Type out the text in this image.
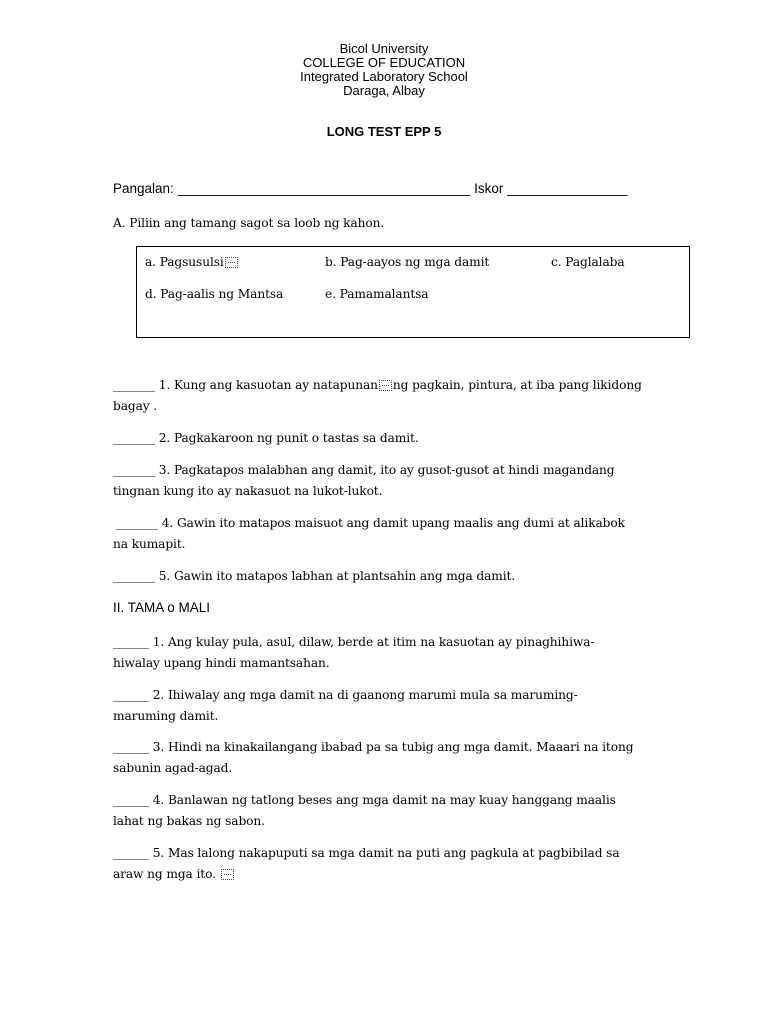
Bicol University
COLLEGE OF EDUCATION
Integrated Laboratory School
Daraga, Albay
LONG TEST EPP 5
Pangalan: _______________________________________ Iskor ________________
A. Piliin ang tamang sagot sa loob ng kahon.
a. Pagsusulsi	b. Pag-aayos ng mga damit	c. Paglalaba
d. Pag-aalis ng Mantsa	e. Pamamalantsa
_______ 1. Kung ang kasuotan ay natapunan ng pagkain, pintura, at iba pang likidong
bagay .
_______ 2. Pagkakaroon ng punit o tastas sa damit.
_______ 3. Pagkatapos malabhan ang damit, ito ay gusot-gusot at hindi magandang
tingnan kung ito ay nakasuot na lukot-lukot.
_______ 4. Gawin ito matapos maisuot ang damit upang maalis ang dumi at alikabok
na kumapit.
_______ 5. Gawin ito matapos labhan at plantsahin ang mga damit.
II. TAMA o MALI
______ 1. Ang kulay pula, asul, dilaw, berde at itim na kasuotan ay pinaghihiwa-
hiwalay upang hindi mamantsahan.
______ 2. Ihiwalay ang mga damit na di gaanong marumi mula sa maruming-
maruming damit.
______ 3. Hindi na kinakailangang ibabad pa sa tubig ang mga damit. Maaari na itong
sabunin agad-agad.
______ 4. Banlawan ng tatlong beses ang mga damit na may kuay hanggang maalis
lahat ng bakas ng sabon.
______ 5. Mas lalong nakapuputi sa mga damit na puti ang pagkula at pagbibilad sa
araw ng mga ito.
